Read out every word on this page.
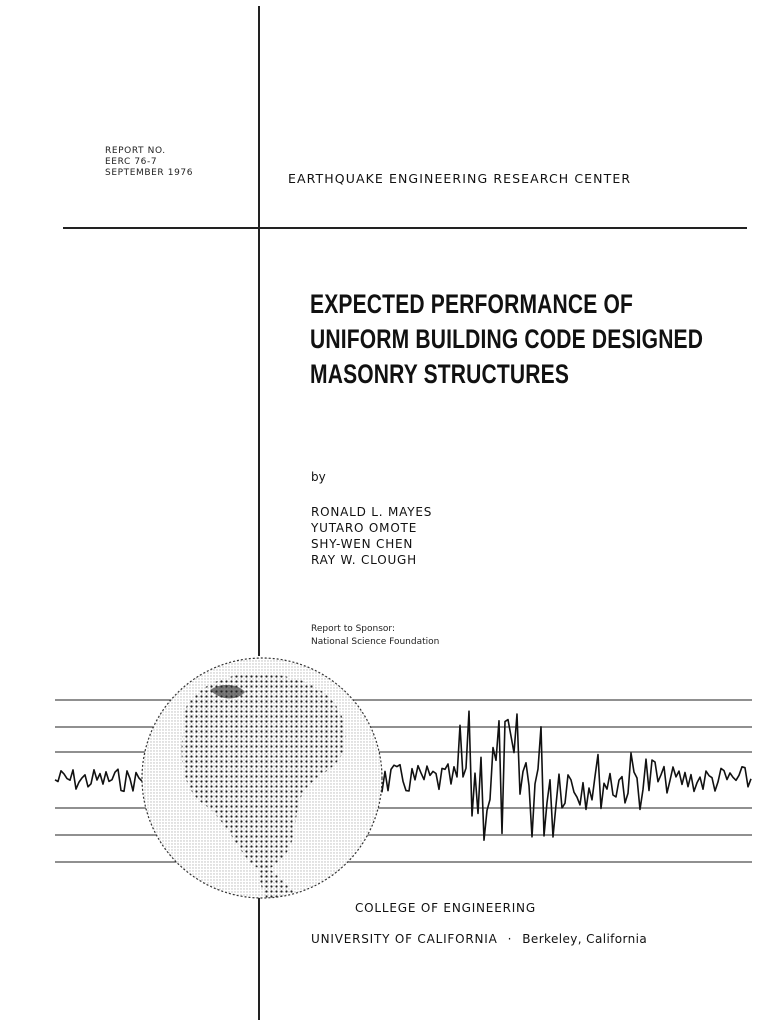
REPORT NO.
EERC 76-7
SEPTEMBER 1976	EARTHQUAKE ENGINEERING RESEARCH CENTER
EXPECTED PERFORMANCE OF
UNIFORM BUILDING CODE DESIGNED
MASONRY STRUCTURES
by
RONALD L. MAYES
YUTARO OMOTE
SHY-WEN CHEN
RAY W. CLOUGH
Report to Sponsor:
National Science Foundation
COLLEGE OF ENGINEERING
UNIVERSITY OF CALIFORNIA · Berkeley, California
